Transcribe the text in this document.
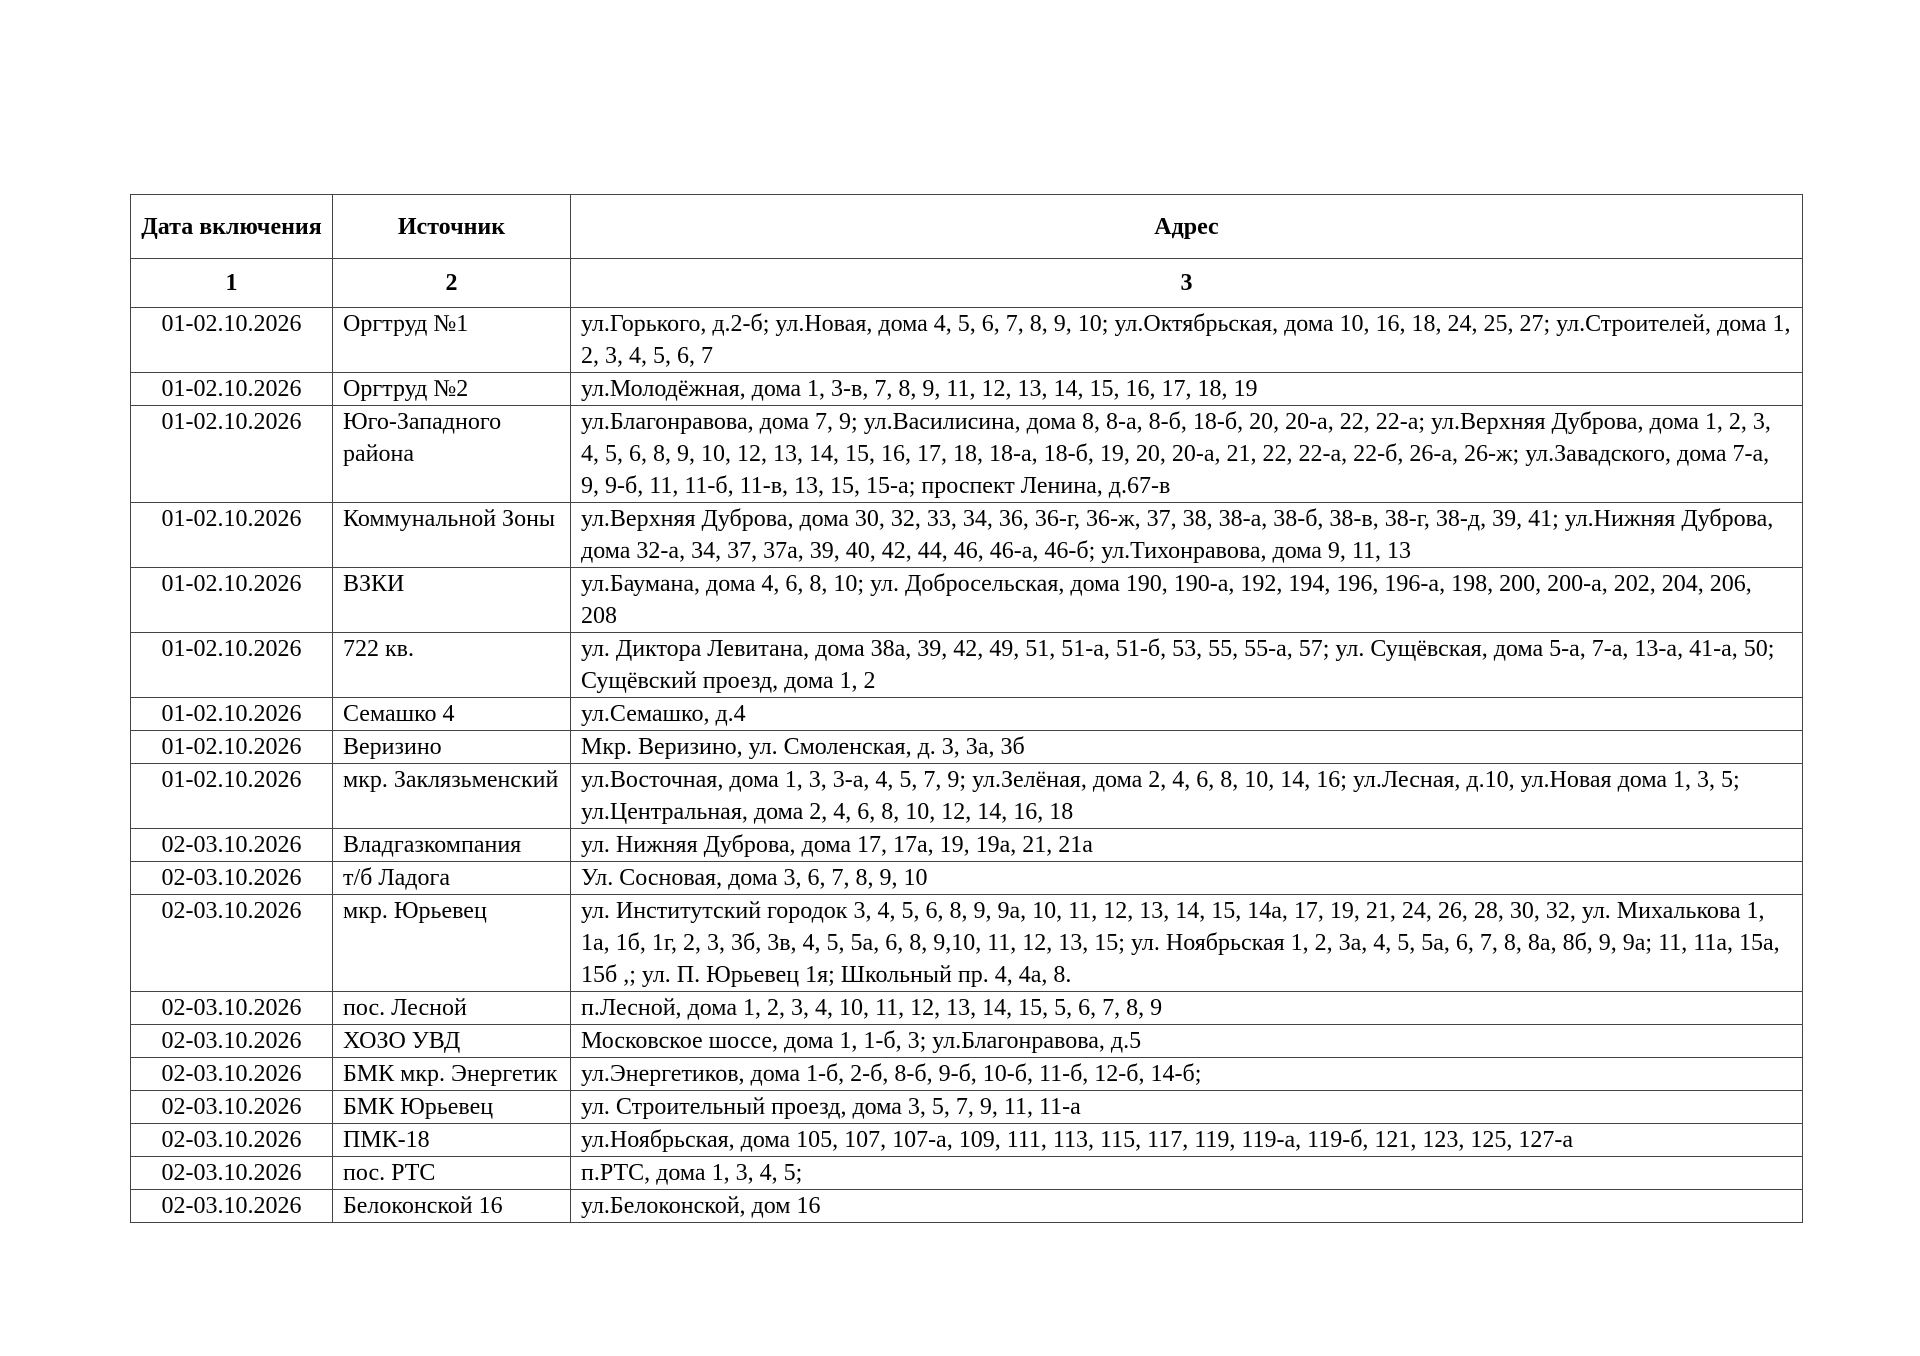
Дата включения	Источник	Адрес
1	2	3
01-02.10.2026	Оргтруд №1	ул.Горького, д.2-б; ул.Новая, дома 4, 5, 6, 7, 8, 9, 10; ул.Октябрьская, дома 10, 16, 18, 24, 25, 27; ул.Строителей, дома 1, 2, 3, 4, 5, 6, 7
01-02.10.2026	Оргтруд №2	ул.Молодёжная, дома 1, 3-в, 7, 8, 9, 11, 12, 13, 14, 15, 16, 17, 18, 19
01-02.10.2026	Юго-Западного района	ул.Благонравова, дома 7, 9; ул.Василисина, дома 8, 8-а, 8-б, 18-б, 20, 20-а, 22, 22-а; ул.Верхняя Дуброва, дома 1, 2, 3, 4, 5, 6, 8, 9, 10, 12, 13, 14, 15, 16, 17, 18, 18-а, 18-б, 19, 20, 20-а, 21, 22, 22-а, 22-б, 26-а, 26-ж; ул.Завадского, дома 7-а, 9, 9-б, 11, 11-б, 11-в, 13, 15, 15-а; проспект Ленина, д.67-в
01-02.10.2026	Коммунальной Зоны	ул.Верхняя Дуброва, дома 30, 32, 33, 34, 36, 36-г, 36-ж, 37, 38, 38-а, 38-б, 38-в, 38-г, 38-д, 39, 41; ул.Нижняя Дуброва, дома 32-а, 34, 37, 37а, 39, 40, 42, 44, 46, 46-а, 46-б; ул.Тихонравова, дома 9, 11, 13
01-02.10.2026	ВЗКИ	ул.Баумана, дома 4, 6, 8, 10; ул. Добросельская, дома 190, 190-а, 192, 194, 196, 196-а, 198, 200, 200-а, 202, 204, 206, 208
01-02.10.2026	722 кв.	ул. Диктора Левитана, дома 38а, 39, 42, 49, 51, 51-а, 51-б, 53, 55, 55-а, 57; ул. Сущёвская, дома 5-а, 7-а, 13-а, 41-а, 50; Сущёвский проезд, дома 1, 2
01-02.10.2026	Семашко 4	ул.Семашко, д.4
01-02.10.2026	Веризино	Мкр. Веризино, ул. Смоленская, д. 3, 3а, 3б
01-02.10.2026	мкр. Заклязьменский	ул.Восточная, дома 1, 3, 3-а, 4, 5, 7, 9; ул.Зелёная, дома 2, 4, 6, 8, 10, 14, 16; ул.Лесная, д.10, ул.Новая дома 1, 3, 5; ул.Центральная, дома 2, 4, 6, 8, 10, 12, 14, 16, 18
02-03.10.2026	Владгазкомпания	ул. Нижняя Дуброва, дома 17, 17а, 19, 19а, 21, 21а
02-03.10.2026	т/б Ладога	Ул. Сосновая, дома 3, 6, 7, 8, 9, 10
02-03.10.2026	мкр. Юрьевец	ул. Институтский городок 3, 4, 5, 6, 8, 9, 9а, 10, 11, 12, 13, 14, 15, 14а, 17, 19, 21, 24, 26, 28, 30, 32, ул. Михалькова 1, 1а, 1б, 1г, 2, 3, 3б, 3в, 4, 5, 5а, 6, 8, 9,10, 11, 12, 13, 15; ул. Ноябрьская 1, 2, 3а, 4, 5, 5а, 6, 7, 8, 8а, 8б, 9, 9а; 11, 11а, 15а, 15б ,; ул. П. Юрьевец 1я; Школьный пр. 4, 4а, 8.
02-03.10.2026	пос. Лесной	п.Лесной, дома 1, 2, 3, 4, 10, 11, 12, 13, 14, 15, 5, 6, 7, 8, 9
02-03.10.2026	ХОЗО УВД	Московское шоссе, дома 1, 1-б, 3; ул.Благонравова, д.5
02-03.10.2026	БМК мкр. Энергетик	ул.Энергетиков, дома 1-б, 2-б, 8-б, 9-б, 10-б, 11-б, 12-б, 14-б;
02-03.10.2026	БМК Юрьевец	ул. Строительный проезд, дома 3, 5, 7, 9, 11, 11-а
02-03.10.2026	ПМК-18	ул.Ноябрьская, дома 105, 107, 107-а, 109, 111, 113, 115, 117, 119, 119-а, 119-б, 121, 123, 125, 127-а
02-03.10.2026	пос. РТС	п.РТС, дома 1, 3, 4, 5;
02-03.10.2026	Белоконской 16	ул.Белоконской, дом 16
